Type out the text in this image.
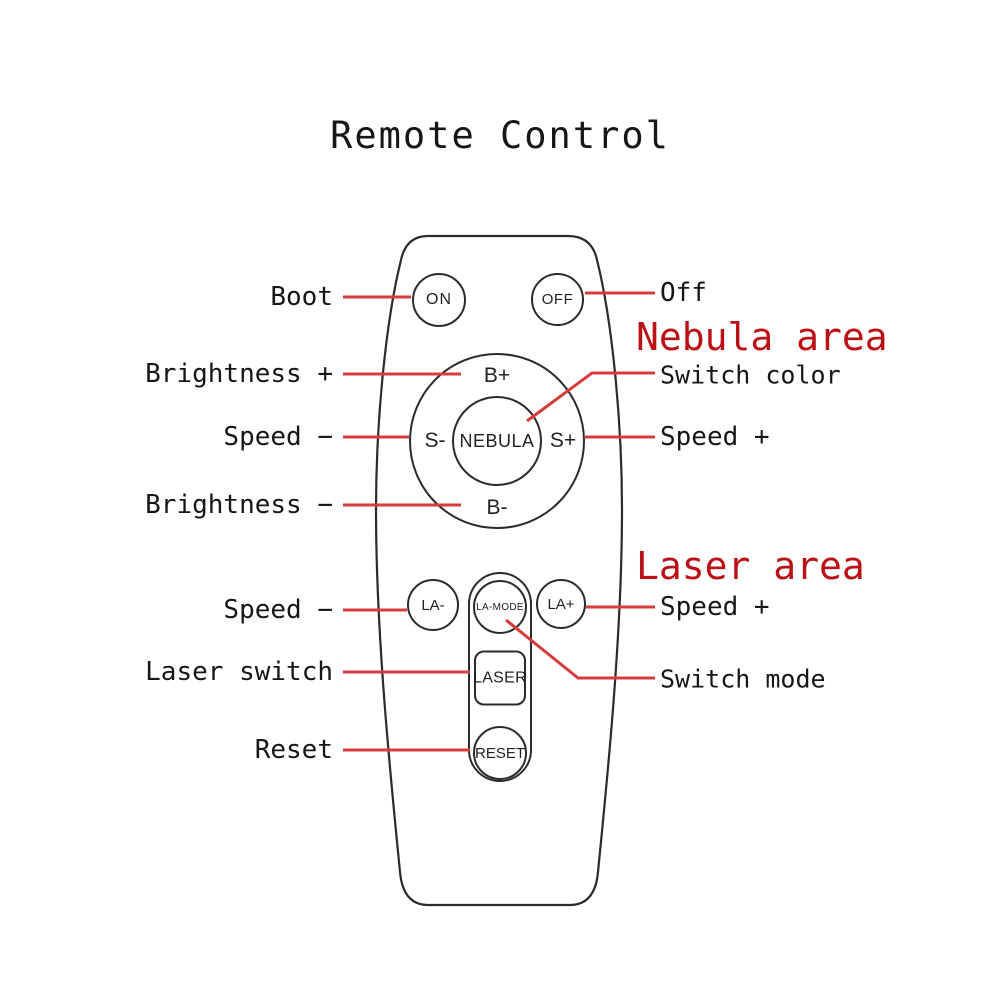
Remote Control
ON	OFF
B+
S-	S+
B-
NEBULA
LA-	LA+
LA-MODE
LASER
RESET
Boot
Brightness +
Speed −
Brightness −
Speed −
Laser switch
Reset
Off
Nebula area
Switch color
Speed +
Laser area
Speed +
Switch mode
